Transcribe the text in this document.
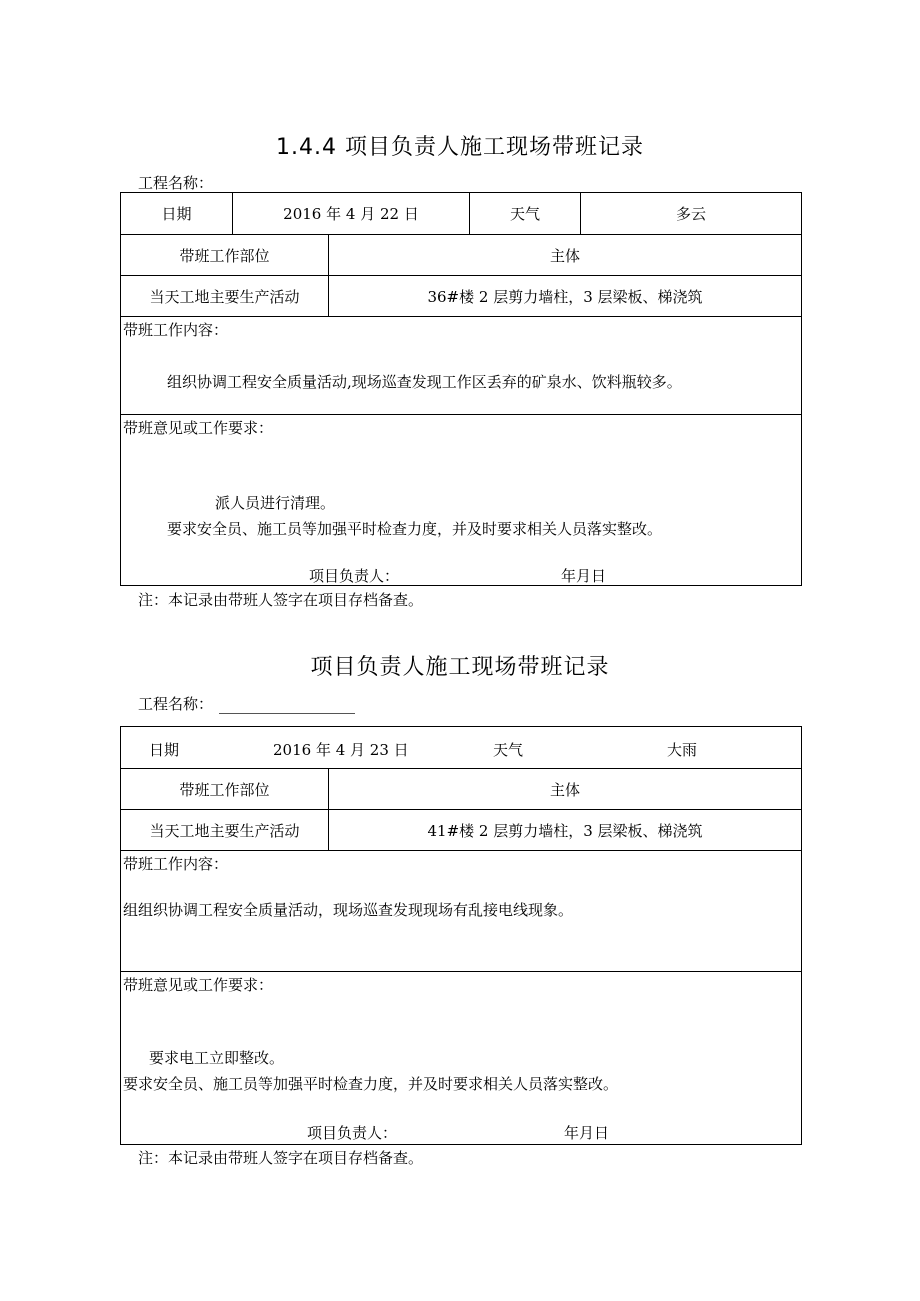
1.4.4 项目负责人施工现场带班记录
工程名称：
日期	2016 年 4 月 22 日		天气	多云
带班工作部位		主体		
当天工地主要生产活动		36#楼 2 层剪力墙柱，3 层梁板、梯浇筑		

带班工作内容：
组织协调工程安全质量活动,现场巡查发现工作区丢弃的矿泉水、饮料瓶较多。				

带班意见或工作要求：
派人员进行清理。
要求安全员、施工员等加强平时检查力度，并及时要求相关人员落实整改。
项目负责人： 年月日				
注：本记录由带班人签字在项目存档备查。
项目负责人施工现场带班记录
工程名称：
日期 2016 年 4 月 23 日 天气 大雨	

带班工作部位	主体
当天工地主要生产活动	41#楼 2 层剪力墙柱，3 层梁板、梯浇筑

带班工作内容：
组组织协调工程安全质量活动，现场巡查发现现场有乱接电线现象。	

带班意见或工作要求：
要求电工立即整改。
要求安全员、施工员等加强平时检查力度，并及时要求相关人员落实整改。
项目负责人： 年月日	
注：本记录由带班人签字在项目存档备查。
